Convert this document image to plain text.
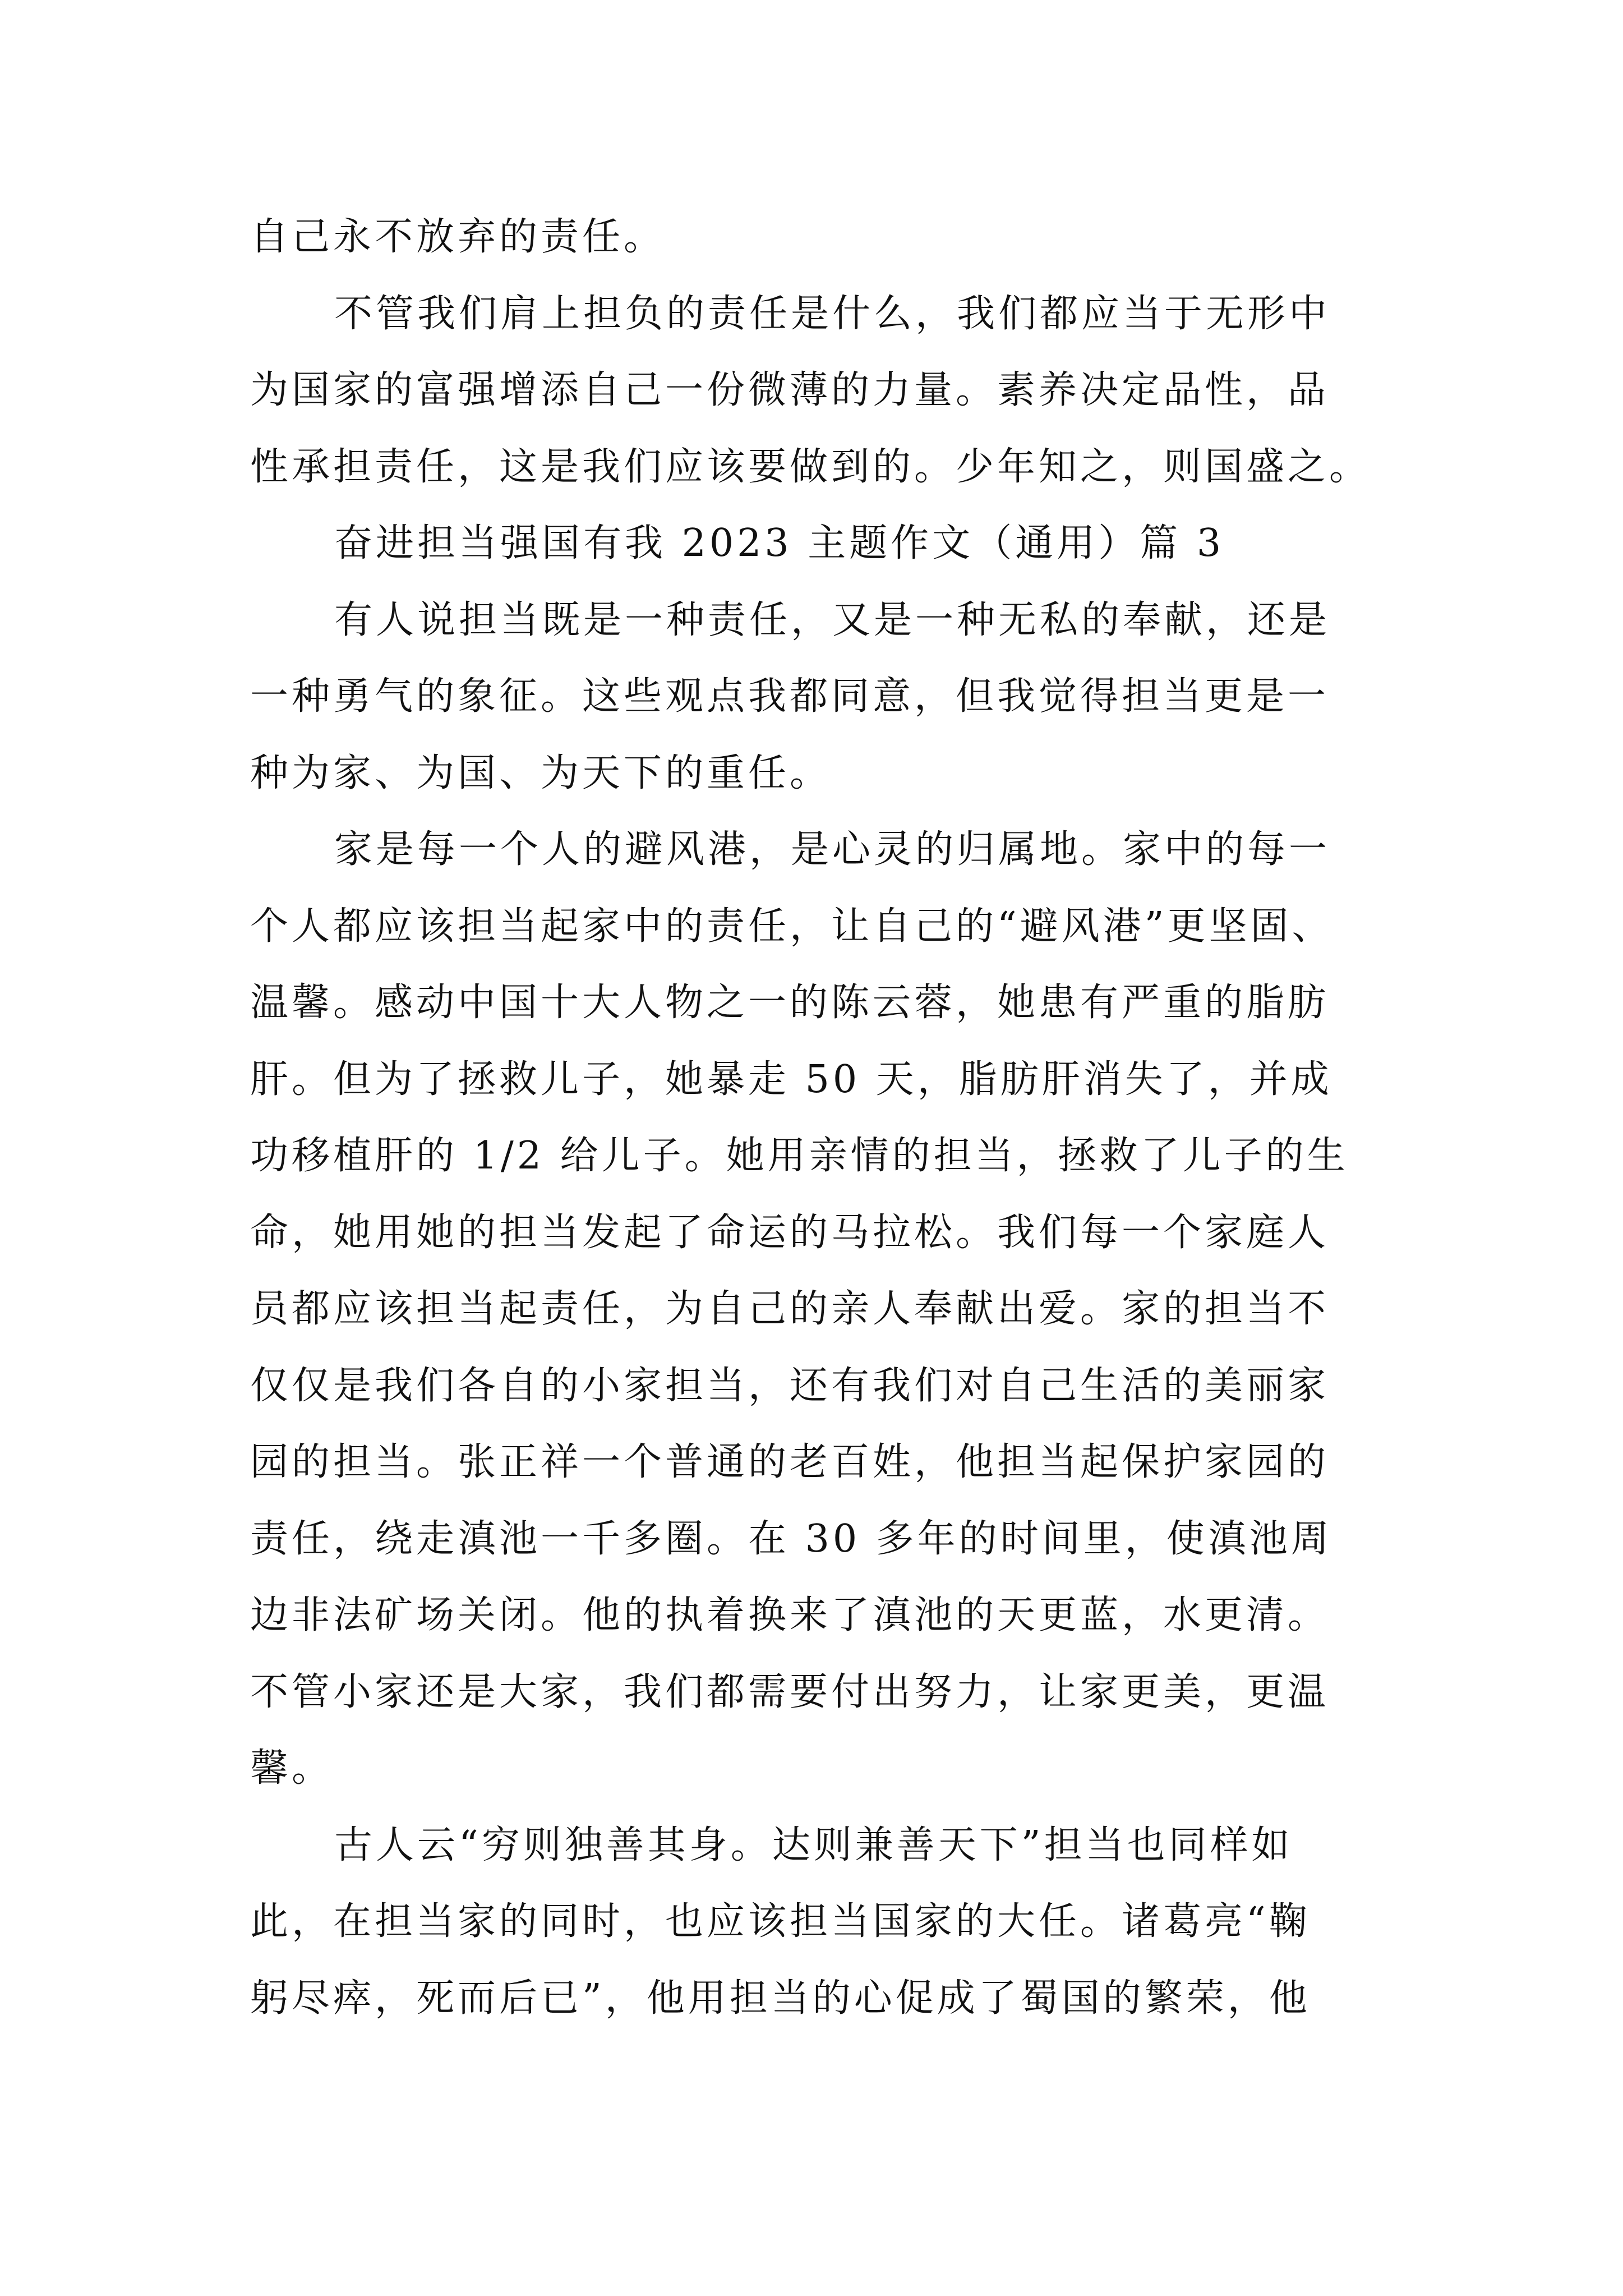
自己永不放弃的责任。
不管我们肩上担负的责任是什么，我们都应当于无形中
为国家的富强增添自己一份微薄的力量。素养决定品性，品
性承担责任，这是我们应该要做到的。少年知之，则国盛之。
奋进担当强国有我 2023 主题作文（通用）篇 3
有人说担当既是一种责任，又是一种无私的奉献，还是
一种勇气的象征。这些观点我都同意，但我觉得担当更是一
种为家、为国、为天下的重任。
家是每一个人的避风港，是心灵的归属地。家中的每一
个人都应该担当起家中的责任，让自己的“避风港”更坚固、
温馨。感动中国十大人物之一的陈云蓉，她患有严重的脂肪
肝。但为了拯救儿子，她暴走 50 天，脂肪肝消失了，并成
功移植肝的 1/2 给儿子。她用亲情的担当，拯救了儿子的生
命，她用她的担当发起了命运的马拉松。我们每一个家庭人
员都应该担当起责任，为自己的亲人奉献出爱。家的担当不
仅仅是我们各自的小家担当，还有我们对自己生活的美丽家
园的担当。张正祥一个普通的老百姓，他担当起保护家园的
责任，绕走滇池一千多圈。在 30 多年的时间里，使滇池周
边非法矿场关闭。他的执着换来了滇池的天更蓝，水更清。
不管小家还是大家，我们都需要付出努力，让家更美，更温
馨。
古人云“穷则独善其身。达则兼善天下”担当也同样如
此，在担当家的同时，也应该担当国家的大任。诸葛亮“鞠
躬尽瘁，死而后已”，他用担当的心促成了蜀国的繁荣，他
